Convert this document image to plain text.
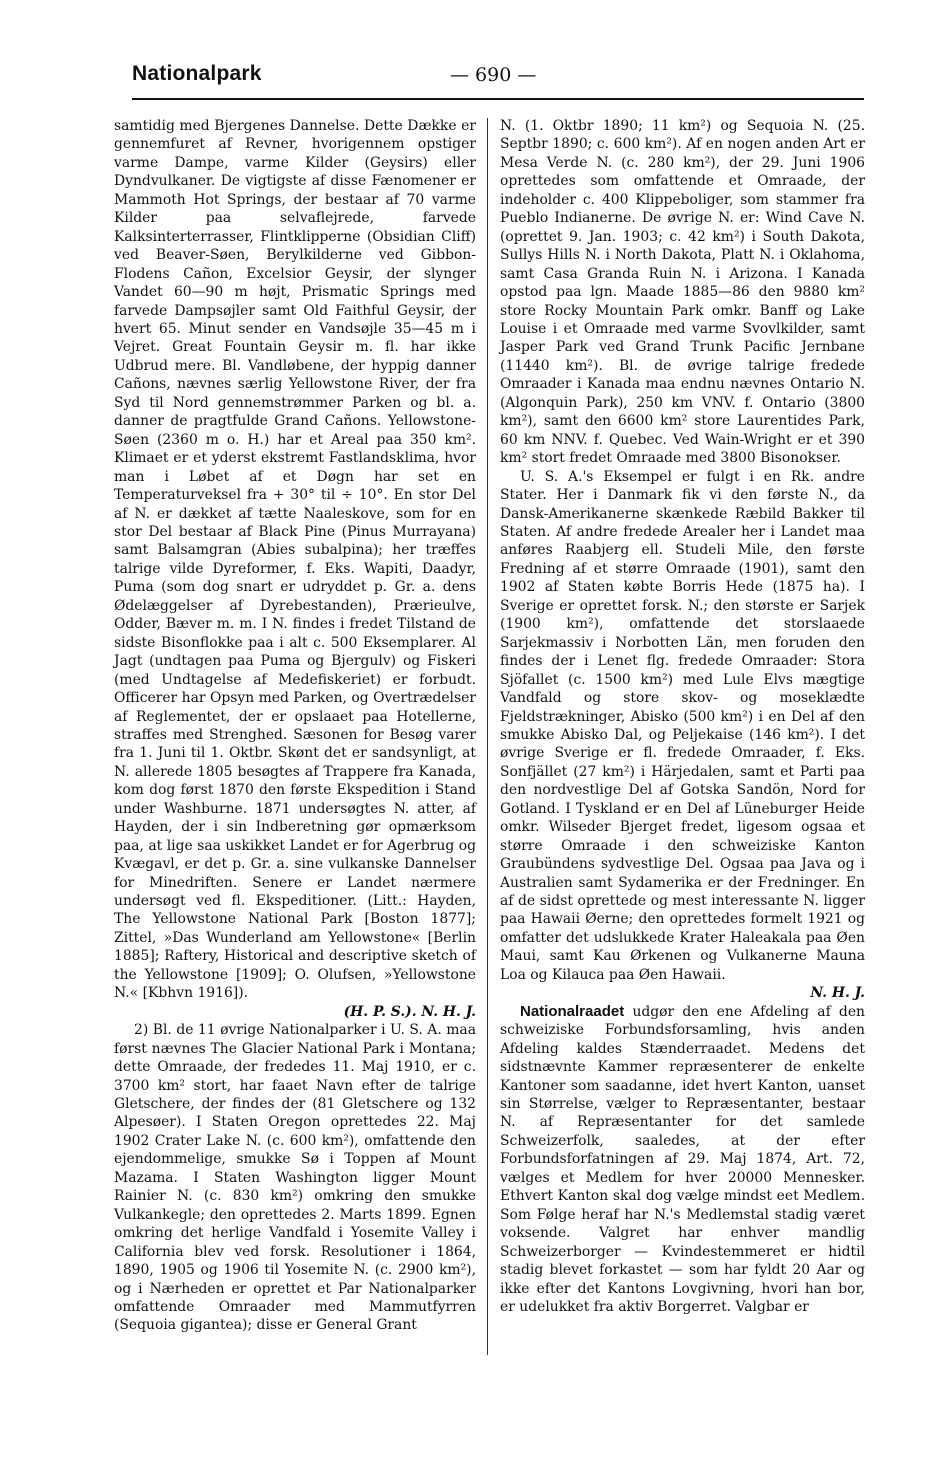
Nationalpark	— 690 —

samtidig med Bjergenes Dannelse. Dette Dække er gennemfuret af Revner, hvorigennem opstiger varme Dampe, varme Kilder (Geysirs) eller Dyndvulkaner. De vigtigste af disse Fænomener er Mammoth Hot Springs, der bestaar af 70 varme Kilder paa selvaflejrede, farvede Kalksinterterrasser, Flintklipperne (Obsidian Cliff) ved Beaver-Søen, Berylkilderne ved Gibbon-Flodens Cañon, Excelsior Geysir, der slynger Vandet 60—90 m højt, Prismatic Springs med farvede Dampsøjler samt Old Faithful Geysir, der hvert 65. Minut sender en Vandsøjle 35—45 m i Vejret. Great Fountain Geysir m. fl. har ikke Udbrud mere. Bl. Vandløbene, der hyppig danner Cañons, nævnes særlig Yellowstone River, der fra Syd til Nord gennemstrømmer Parken og bl. a. danner de pragtfulde Grand Cañons. Yellowstone-Søen (2360 m o. H.) har et Areal paa 350 km². Klimaet er et yderst ekstremt Fastlandsklima, hvor man i Løbet af et Døgn har set en Temperaturveksel fra + 30° til ÷ 10°. En stor Del af N. er dækket af tætte Naaleskove, som for en stor Del bestaar af Black Pine (Pinus Murrayana) samt Balsamgran (Abies subalpina); her træffes talrige vilde Dyreformer, f. Eks. Wapiti, Daadyr, Puma (som dog snart er udryddet p. Gr. a. dens Ødelæggelser af Dyrebestanden), Prærieulve, Odder, Bæver m. m. I N. findes i fredet Tilstand de sidste Bisonflokke paa i alt c. 500 Eksemplarer. Al Jagt (undtagen paa Puma og Bjergulv) og Fiskeri (med Undtagelse af Medefiskeriet) er forbudt. Officerer har Opsyn med Parken, og Overtrædelser af Reglementet, der er opslaaet paa Hotellerne, straffes med Strenghed. Sæsonen for Besøg varer fra 1. Juni til 1. Oktbr. Skønt det er sandsynligt, at N. allerede 1805 besøgtes af Trappere fra Kanada, kom dog først 1870 den første Ekspedition i Stand under Washburne. 1871 undersøgtes N. atter, af Hayden, der i sin Indberetning gør opmærksom paa, at lige saa uskikket Landet er for Agerbrug og Kvægavl, er det p. Gr. a. sine vulkanske Dannelser for Minedriften. Senere er Landet nærmere undersøgt ved fl. Ekspeditioner. (Litt.: Hayden, The Yellowstone National Park [Boston 1877]; Zittel, »Das Wunderland am Yellowstone« [Berlin 1885]; Raftery, Historical and descriptive sketch of the Yellowstone [1909]; O. Olufsen, »Yellowstone N.« [Kbhvn 1916]).

(H. P. S.). N. H. J.

2) Bl. de 11 øvrige Nationalparker i U. S. A. maa først nævnes The Glacier National Park i Montana; dette Omraade, der frededes 11. Maj 1910, er c. 3700 km² stort, har faaet Navn efter de talrige Gletschere, der findes der (81 Gletschere og 132 Alpesøer). I Staten Oregon oprettedes 22. Maj 1902 Crater Lake N. (c. 600 km²), omfattende den ejendommelige, smukke Sø i Toppen af Mount Mazama. I Staten Washington ligger Mount Rainier N. (c. 830 km²) omkring den smukke Vulkankegle; den oprettedes 2. Marts 1899. Egnen omkring det herlige Vandfald i Yosemite Valley i California blev ved forsk. Resolutioner i 1864, 1890, 1905 og 1906 til Yosemite N. (c. 2900 km²), og i Nærheden er oprettet et Par Nationalparker omfattende Omraader med Mammutfyrren (Sequoia gigantea); disse er General Grant

N. (1. Oktbr 1890; 11 km²) og Sequoia N. (25. Septbr 1890; c. 600 km²). Af en nogen anden Art er Mesa Verde N. (c. 280 km²), der 29. Juni 1906 oprettedes som omfattende et Omraade, der indeholder c. 400 Klippeboliger, som stammer fra Pueblo Indianerne. De øvrige N. er: Wind Cave N. (oprettet 9. Jan. 1903; c. 42 km²) i South Dakota, Sullys Hills N. i North Dakota, Platt N. i Oklahoma, samt Casa Granda Ruin N. i Arizona. I Kanada opstod paa lgn. Maade 1885—86 den 9880 km² store Rocky Mountain Park omkr. Banff og Lake Louise i et Omraade med varme Svovlkilder, samt Jasper Park ved Grand Trunk Pacific Jernbane (11440 km²). Bl. de øvrige talrige fredede Omraader i Kanada maa endnu nævnes Ontario N. (Algonquin Park), 250 km VNV. f. Ontario (3800 km²), samt den 6600 km² store Laurentides Park, 60 km NNV. f. Quebec. Ved Wain-Wright er et 390 km² stort fredet Omraade med 3800 Bisonokser.

U. S. A.'s Eksempel er fulgt i en Rk. andre Stater. Her i Danmark fik vi den første N., da Dansk-Amerikanerne skænkede Ræbild Bakker til Staten. Af andre fredede Arealer her i Landet maa anføres Raabjerg ell. Studeli Mile, den første Fredning af et større Omraade (1901), samt den 1902 af Staten købte Borris Hede (1875 ha). I Sverige er oprettet forsk. N.; den største er Sarjek (1900 km²), omfattende det storslaaede Sarjekmassiv i Norbotten Län, men foruden den findes der i Lenet flg. fredede Omraader: Stora Sjöfallet (c. 1500 km²) med Lule Elvs mægtige Vandfald og store skov- og moseklædte Fjeldstrækninger, Abisko (500 km²) i en Del af den smukke Abisko Dal, og Peljekaise (146 km²). I det øvrige Sverige er fl. fredede Omraader, f. Eks. Sonfjället (27 km²) i Härjedalen, samt et Parti paa den nordvestlige Del af Gotska Sandön, Nord for Gotland. I Tyskland er en Del af Lüneburger Heide omkr. Wilseder Bjerget fredet, ligesom ogsaa et større Omraade i den schweiziske Kanton Graubündens sydvestlige Del. Ogsaa paa Java og i Australien samt Sydamerika er der Fredninger. En af de sidst oprettede og mest interessante N. ligger paa Hawaii Øerne; den oprettedes formelt 1921 og omfatter det udslukkede Krater Haleakala paa Øen Maui, samt Kau Ørkenen og Vulkanerne Mauna Loa og Kilauca paa Øen Hawaii.

N. H. J.

Nationalraadet udgør den ene Afdeling af den schweiziske Forbundsforsamling, hvis anden Afdeling kaldes Stænderraadet. Medens det sidstnævnte Kammer repræsenterer de enkelte Kantoner som saadanne, idet hvert Kanton, uanset sin Størrelse, vælger to Repræsentanter, bestaar N. af Repræsentanter for det samlede Schweizerfolk, saaledes, at der efter Forbundsforfatningen af 29. Maj 1874, Art. 72, vælges et Medlem for hver 20000 Mennesker. Ethvert Kanton skal dog vælge mindst eet Medlem. Som Følge heraf har N.'s Medlemstal stadig været voksende. Valgret har enhver mandlig Schweizerborger — Kvindestemmeret er hidtil stadig blevet forkastet — som har fyldt 20 Aar og ikke efter det Kantons Lovgivning, hvori han bor, er udelukket fra aktiv Borgerret. Valgbar er
